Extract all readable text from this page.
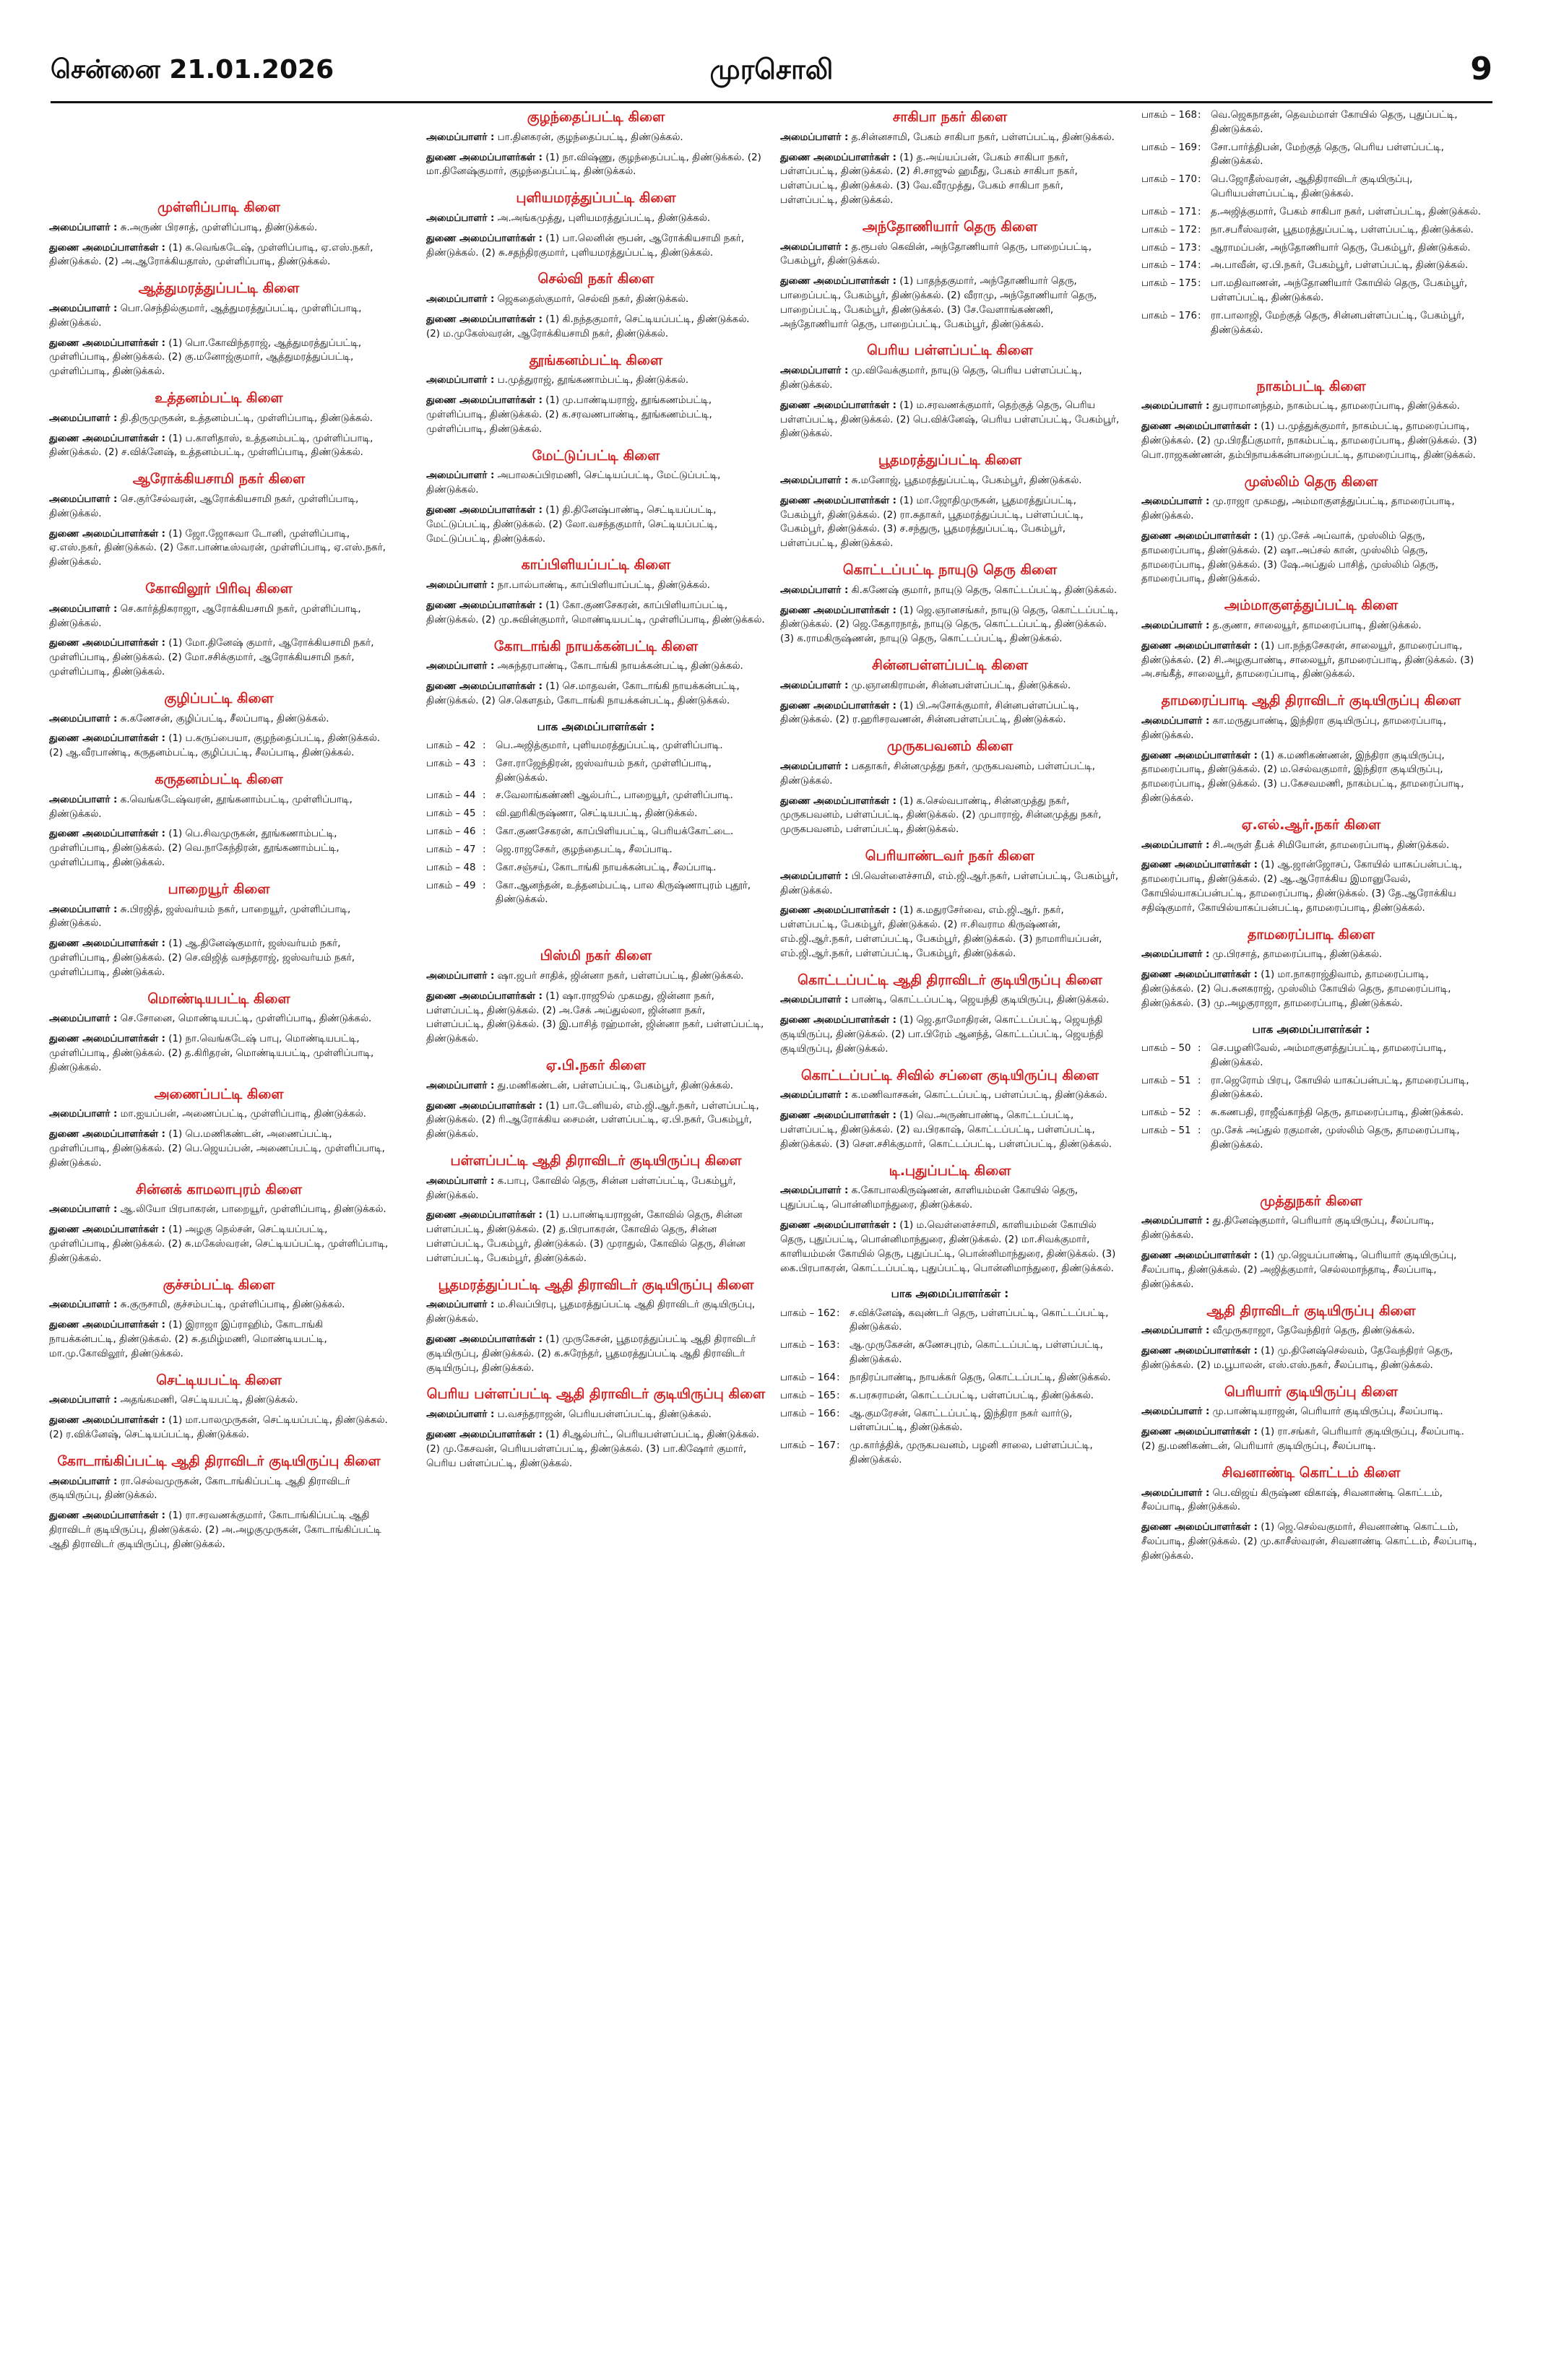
சென்னை 21.01.2026	முரசொலி	9
முள்ளிப்பாடி கிளை

அமைப்பாளர் : சு.அருண் பிரசாத், முள்ளிப்பாடி, திண்டுக்கல்.

துணை அமைப்பாளர்கள் : (1) க.வெங்கடேஷ், முள்ளிப்பாடி, ஏ.எஸ்.நகர், திண்டுக்கல். (2) அ.ஆரோக்கியதாஸ், முள்ளிப்பாடி, திண்டுக்கல்.

ஆத்துமரத்துப்பட்டி கிளை

அமைப்பாளர் : பொ.செந்தில்குமார், ஆத்துமரத்துப்பட்டி, முள்ளிப்பாடி, திண்டுக்கல்.

துணை அமைப்பாளர்கள் : (1) பொ.கோவிந்தராஜ், ஆத்துமரத்துப்பட்டி, முள்ளிப்பாடி, திண்டுக்கல். (2) கு.மனோஜ்குமார், ஆத்துமரத்துப்பட்டி, முள்ளிப்பாடி, திண்டுக்கல்.

உத்தனம்பட்டி கிளை

அமைப்பாளர் : தி.திருமுருகன், உத்தனம்பட்டி, முள்ளிப்பாடி, திண்டுக்கல்.

துணை அமைப்பாளர்கள் : (1) ப.காளிதாஸ், உத்தனம்பட்டி, முள்ளிப்பாடி, திண்டுக்கல். (2) ச.விக்னேஷ், உத்தனம்பட்டி, முள்ளிப்பாடி, திண்டுக்கல்.

ஆரோக்கியசாமி நகர் கிளை

அமைப்பாளர் : செ.குர்சேல்வரன், ஆரோக்கியசாமி நகர், முள்ளிப்பாடி, திண்டுக்கல்.

துணை அமைப்பாளர்கள் : (1) ஜோ.ஜோசுவா டோனி, முள்ளிப்பாடி, ஏ.எஸ்.நகர், திண்டுக்கல். (2) கோ.பாண்டீஸ்வரன், முள்ளிப்பாடி, ஏ.எஸ்.நகர், திண்டுக்கல்.

கோவிலூர் பிரிவு கிளை

அமைப்பாளர் : செ.கார்த்திகராஜா, ஆரோக்கியசாமி நகர், முள்ளிப்பாடி, திண்டுக்கல்.

துணை அமைப்பாளர்கள் : (1) மோ.தினேஷ் குமார், ஆரோக்கியசாமி நகர், முள்ளிப்பாடி, திண்டுக்கல். (2) மோ.சசிக்குமார், ஆரோக்கியசாமி நகர், முள்ளிப்பாடி, திண்டுக்கல்.

குழிப்பட்டி கிளை

அமைப்பாளர் : சு.கணேசன், குழிப்பட்டி, சீலப்பாடி, திண்டுக்கல்.

துணை அமைப்பாளர்கள் : (1) ப.கருப்பையா, குழந்தைப்பட்டி, திண்டுக்கல். (2) ஆ.வீரபாண்டி, கருதனம்பட்டி, குழிப்பட்டி, சீலப்பாடி, திண்டுக்கல்.

கருதனம்பட்டி கிளை

அமைப்பாளர் : க.வெங்கடேஷ்வரன், தூங்கனாம்பட்டி, முள்ளிப்பாடி, திண்டுக்கல்.

துணை அமைப்பாளர்கள் : (1) பெ.சிவமுருகன், தூங்கணாம்பட்டி, முள்ளிப்பாடி, திண்டுக்கல். (2) வெ.நாகேந்திரன், தூங்கணாம்பட்டி, முள்ளிப்பாடி, திண்டுக்கல்.

பாறையூர் கிளை

அமைப்பாளர் : சு.பிரஜித், ஜஸ்வர்யம் நகர், பாறையூர், முள்ளிப்பாடி, திண்டுக்கல்.

துணை அமைப்பாளர்கள் : (1) ஆ.தினேஷ்குமார், ஜஸ்வர்யம் நகர், முள்ளிப்பாடி, திண்டுக்கல். (2) செ.விஜித் வசந்தராஜ், ஜஸ்வர்யம் நகர், முள்ளிப்பாடி, திண்டுக்கல்.

மொண்டியபட்டி கிளை

அமைப்பாளர் : செ.சோனை, மொண்டியபட்டி, முள்ளிப்பாடி, திண்டுக்கல்.

துணை அமைப்பாளர்கள் : (1) நா.வெங்கடேஷ் பாபு, மொண்டியபட்டி, முள்ளிப்பாடி, திண்டுக்கல். (2) த.கிரிதரன், மொண்டியபட்டி, முள்ளிப்பாடி, திண்டுக்கல்.

அணைப்பட்டி கிளை

அமைப்பாளர் : மா.ஐயப்பன், அணைப்பட்டி, முள்ளிப்பாடி, திண்டுக்கல்.

துணை அமைப்பாளர்கள் : (1) பெ.மணிகண்டன், அணைப்பட்டி, முள்ளிப்பாடி, திண்டுக்கல். (2) பெ.ஜெயப்பன், அணைப்பட்டி, முள்ளிப்பாடி, திண்டுக்கல்.

சின்னக் காமலாபுரம் கிளை

அமைப்பாளர் : ஆ.லியோ பிரபாகரன், பாறையூர், முள்ளிப்பாடி, திண்டுக்கல்.

துணை அமைப்பாளர்கள் : (1) அழகு நெல்சன், செட்டியப்பட்டி, முள்ளிப்பாடி, திண்டுக்கல். (2) சு.மகேஸ்வரன், செட்டியப்பட்டி, முள்ளிப்பாடி, திண்டுக்கல்.

குச்சம்பட்டி கிளை

அமைப்பாளர் : சு.குருசாமி, குச்சம்பட்டி, முள்ளிப்பாடி, திண்டுக்கல்.

துணை அமைப்பாளர்கள் : (1) இராஜா இப்ராஹிம், கோடாங்கி நாயக்கன்பட்டி, திண்டுக்கல். (2) சு.தமிழ்மணி, மொண்டியபட்டி, மா.மு.கோவிலூர், திண்டுக்கல்.

செட்டியபட்டி கிளை

அமைப்பாளர் : அதங்கமணி, செட்டியபட்டி, திண்டுக்கல்.

துணை அமைப்பாளர்கள் : (1) மா.பாலமுருகன், செட்டியப்பட்டி, திண்டுக்கல். (2) ர.விக்னேஷ், செட்டியப்பட்டி, திண்டுக்கல்.

கோடாங்கிப்பட்டி ஆதி திராவிடர் குடியிருப்பு கிளை

அமைப்பாளர் : ரா.செல்வமுருகன், கோடாங்கிப்பட்டி ஆதி திராவிடர் குடியிருப்பு, திண்டுக்கல்.

துணை அமைப்பாளர்கள் : (1) ரா.சரவணக்குமார், கோடாங்கிப்பட்டி ஆதி திராவிடர் குடியிருப்பு, திண்டுக்கல். (2) அ.அழகுமுருகன், கோடாங்கிப்பட்டி ஆதி திராவிடர் குடியிருப்பு, திண்டுக்கல்.

குழந்தைப்பட்டி கிளை

அமைப்பாளர் : பா.தினகரன், குழந்தைப்பட்டி, திண்டுக்கல்.

துணை அமைப்பாளர்கள் : (1) நா.விஷ்ணு, குழந்தைப்பட்டி, திண்டுக்கல். (2) மா.தினேஷ்குமார், குழந்தைப்பட்டி, திண்டுக்கல்.

புளியமரத்துப்பட்டி கிளை

அமைப்பாளர் : அ.அங்கமுத்து, புளியமரத்துப்பட்டி, திண்டுக்கல்.

துணை அமைப்பாளர்கள் : (1) பா.லெனின் ரூபன், ஆரோக்கியசாமி நகர், திண்டுக்கல். (2) சு.சதந்திரகுமார், புளியமரத்துப்பட்டி, திண்டுக்கல்.

செல்வி நகர் கிளை

அமைப்பாளர் : ஜெகதைஸ்குமார், செல்வி நகர், திண்டுக்கல்.

துணை அமைப்பாளர்கள் : (1) கி.நந்தகுமார், செட்டியப்பட்டி, திண்டுக்கல். (2) ம.முகேஸ்வரன், ஆரோக்கியசாமி நகர், திண்டுக்கல்.

தூங்கனம்பட்டி கிளை

அமைப்பாளர் : ப.முத்துராஜ், தூங்கணாம்பட்டி, திண்டுக்கல்.

துணை அமைப்பாளர்கள் : (1) மு.பாண்டியராஜ், தூங்கணம்பட்டி, முள்ளிப்பாடி, திண்டுக்கல். (2) க.சரவணபாண்டி, தூங்கணம்பட்டி, முள்ளிப்பாடி, திண்டுக்கல்.

மேட்டுப்பட்டி கிளை

அமைப்பாளர் : அபாலசுப்பிரமணி, செட்டியப்பட்டி, மேட்டுப்பட்டி, திண்டுக்கல்.

துணை அமைப்பாளர்கள் : (1) தி.தினேஷ்பாண்டி, செட்டியப்பட்டி, மேட்டுப்பட்டி, திண்டுக்கல். (2) லோ.வசந்தகுமார், செட்டியப்பட்டி, மேட்டுப்பட்டி, திண்டுக்கல்.

காப்பிளியப்பட்டி கிளை

அமைப்பாளர் : நா.பால்பாண்டி, காப்பிளியாப்பட்டி, திண்டுக்கல்.

துணை அமைப்பாளர்கள் : (1) கோ.குணசேகரன், காப்பிளியாப்பட்டி, திண்டுக்கல். (2) மு.சுவின்குமார், மொண்டியபட்டி, முள்ளிப்பாடி, திண்டுக்கல்.

கோடாங்கி நாயக்கன்பட்டி கிளை

அமைப்பாளர் : அசுந்தரபாண்டி, கோடாங்கி நாயக்கன்பட்டி, திண்டுக்கல்.

துணை அமைப்பாளர்கள் : (1) செ.மாதவன், கோடாங்கி நாயக்கன்பட்டி, திண்டுக்கல். (2) செ.கௌதம், கோடாங்கி நாயக்கன்பட்டி, திண்டுக்கல்.

பாக அமைப்பாளர்கள் :
பாகம் – 42 :	பெ.அஜித்குமார், புளியமரத்துப்பட்டி, முள்ளிப்பாடி.
பாகம் – 43 :	சோ.ராஜேந்திரன், ஜஸ்வர்யம் நகர், முள்ளிப்பாடி, திண்டுக்கல்.
பாகம் – 44 :	ச.வேலாங்கண்ணி ஆல்பர்ட், பாறையூர், முள்ளிப்பாடி.
பாகம் – 45 :	வி.ஹரிகிருஷ்ணா, செட்டியபட்டி, திண்டுக்கல்.
பாகம் – 46 :	கோ.குணசேகரன், காப்பிளியபட்டி, பெரியக்கோட்டை.
பாகம் – 47 :	ஜெ.ராஜசேகர், குழந்தைபட்டி, சீலப்பாடி.
பாகம் – 48 :	கோ.சஞ்சய், கோடாங்கி நாயக்கன்பட்டி, சீலப்பாடி.
பாகம் – 49 :	கோ.ஆனந்தன், உத்தனம்பட்டி, பால கிருஷ்ணாபுரம் புதூர், திண்டுக்கல்.
பிஸ்மி நகர் கிளை

அமைப்பாளர் : ஷா.ஜபர் சாதிக், ஜின்னா நகர், பள்ளப்பட்டி, திண்டுக்கல்.

துணை அமைப்பாளர்கள் : (1) ஷா.ராஜூல் முகமது, ஜின்னா நகர், பள்ளப்பட்டி, திண்டுக்கல். (2) அ.சேக் அப்துல்லா, ஜின்னா நகர், பள்ளப்பட்டி, திண்டுக்கல். (3) இ.பாசித் ரஹ்மான், ஜின்னா நகர், பள்ளப்பட்டி, திண்டுக்கல்.

ஏ.பி.நகர் கிளை

அமைப்பாளர் : து.மணிகண்டன், பள்ளப்பட்டி, பேகம்பூர், திண்டுக்கல்.

துணை அமைப்பாளர்கள் : (1) பா.டேனியல், எம்.ஜி.ஆர்.நகர், பள்ளப்பட்டி, திண்டுக்கல். (2) ரி.ஆரோக்கிய சைமன், பள்ளப்பட்டி, ஏ.பி.நகர், பேகம்பூர், திண்டுக்கல்.

பள்ளப்பட்டி ஆதி திராவிடர் குடியிருப்பு கிளை

அமைப்பாளர் : க.பாபு, கோவில் தெரு, சின்ன பள்ளப்பட்டி, பேகம்பூர், திண்டுக்கல்.

துணை அமைப்பாளர்கள் : (1) ப.பாண்டியராஜன், கோவில் தெரு, சின்ன பள்ளப்பட்டி, திண்டுக்கல். (2) த.பிரபாகரன், கோவில் தெரு, சின்ன பள்ளப்பட்டி, பேகம்பூர், திண்டுக்கல். (3) முராதுல், கோவில் தெரு, சின்ன பள்ளப்பட்டி, பேகம்பூர், திண்டுக்கல்.

பூதமரத்துப்பட்டி ஆதி திராவிடர் குடியிருப்பு கிளை

அமைப்பாளர் : ம.சிவப்பிரபு, பூதமரத்துப்பட்டி ஆதி திராவிடர் குடியிருப்பு, திண்டுக்கல்.

துணை அமைப்பாளர்கள் : (1) முருகேசன், பூதமரத்துப்பட்டி ஆதி திராவிடர் குடியிருப்பு, திண்டுக்கல். (2) க.சுரேந்தர், பூதமரத்துப்பட்டி ஆதி திராவிடர் குடியிருப்பு, திண்டுக்கல்.

பெரிய பள்ளப்பட்டி ஆதி திராவிடர் குடியிருப்பு கிளை

அமைப்பாளர் : ப.வசந்தராஜன், பெரியபள்ளப்பட்டி, திண்டுக்கல்.

துணை அமைப்பாளர்கள் : (1) சிஆல்பர்ட், பெரியபள்ளப்பட்டி, திண்டுக்கல். (2) மு.கேசவன், பெரியபள்ளப்பட்டி, திண்டுக்கல். (3) பா.கிஷோர் குமார், பெரிய பள்ளப்பட்டி, திண்டுக்கல்.

சாகிபா நகர் கிளை

அமைப்பாளர் : த.சின்னசாமி, பேகம் சாகிபா நகர், பள்ளப்பட்டி, திண்டுக்கல்.

துணை அமைப்பாளர்கள் : (1) த.அய்யப்பன், பேகம் சாகிபா நகர், பள்ளப்பட்டி, திண்டுக்கல். (2) சி.சாஜுல் ஹமீது, பேகம் சாகிபா நகர், பள்ளப்பட்டி, திண்டுக்கல். (3) வே.வீரமுத்து, பேகம் சாகிபா நகர், பள்ளப்பட்டி, திண்டுக்கல்.

அந்தோணியார் தெரு கிளை

அமைப்பாளர் : த.ரூபஸ் கெவின், அந்தோணியார் தெரு, பாறைப்பட்டி, பேகம்பூர், திண்டுக்கல்.

துணை அமைப்பாளர்கள் : (1) பாதந்தகுமார், அந்தோணியார் தெரு, பாறைப்பட்டி, பேகம்பூர், திண்டுக்கல். (2) வீராமு, அந்தோணியார் தெரு, பாறைப்பட்டி, பேகம்பூர், திண்டுக்கல். (3) சே.வேளாங்கண்ணி, அந்தோணியார் தெரு, பாறைப்பட்டி, பேகம்பூர், திண்டுக்கல்.

பெரிய பள்ளப்பட்டி கிளை

அமைப்பாளர் : மு.விவேக்குமார், நாயுடு தெரு, பெரிய பள்ளப்பட்டி, திண்டுக்கல்.

துணை அமைப்பாளர்கள் : (1) ம.சரவணக்குமார், தெற்குத் தெரு, பெரிய பள்ளப்பட்டி, திண்டுக்கல். (2) பெ.விக்னேஷ், பெரிய பள்ளப்பட்டி, பேகம்பூர், திண்டுக்கல்.

பூதமரத்துப்பட்டி கிளை

அமைப்பாளர் : சு.மனோஜ், பூதமரத்துப்பட்டி, பேகம்பூர், திண்டுக்கல்.

துணை அமைப்பாளர்கள் : (1) மா.ஜோதிமுருகன், பூதமரத்துப்பட்டி, பேகம்பூர், திண்டுக்கல். (2) ரா.சுதாகர், பூதமரத்துப்பட்டி, பள்ளப்பட்டி, பேகம்பூர், திண்டுக்கல். (3) ச.சந்துரு, பூதமரத்துப்பட்டி, பேகம்பூர், பள்ளப்பட்டி, திண்டுக்கல்.

கொட்டப்பட்டி நாயுடு தெரு கிளை

அமைப்பாளர் : கி.கணேஷ் குமார், நாயுடு தெரு, கொட்டப்பட்டி, திண்டுக்கல்.

துணை அமைப்பாளர்கள் : (1) ஜெ.ஞானசங்கர், நாயுடு தெரு, கொட்டப்பட்டி, திண்டுக்கல். (2) ஜெ.கேதாரநாத், நாயுடு தெரு, கொட்டப்பட்டி, திண்டுக்கல். (3) க.ராமகிருஷ்ணன், நாயுடு தெரு, கொட்டப்பட்டி, திண்டுக்கல்.

சின்னபள்ளப்பட்டி கிளை

அமைப்பாளர் : மு.ஞானகிராமன், சின்னபள்ளப்பட்டி, திண்டுக்கல்.

துணை அமைப்பாளர்கள் : (1) பி.அசோக்குமார், சின்னபள்ளப்பட்டி, திண்டுக்கல். (2) ர.ஹரிசரவணன், சின்னபள்ளப்பட்டி, திண்டுக்கல்.

முருகபவனம் கிளை

அமைப்பாளர் : பகதாகர், சின்னமுத்து நகர், முருகபவனம், பள்ளப்பட்டி, திண்டுக்கல்.

துணை அமைப்பாளர்கள் : (1) க.செல்வபாண்டி, சின்னமுத்து நகர், முருகபவனம், பள்ளப்பட்டி, திண்டுக்கல். (2) முபாராஜ், சின்னமுத்து நகர், முருகபவனம், பள்ளப்பட்டி, திண்டுக்கல்.

பெரியாண்டவர் நகர் கிளை

அமைப்பாளர் : பி.வெள்ளைச்சாமி, எம்.ஜி.ஆர்.நகர், பள்ளப்பட்டி, பேகம்பூர், திண்டுக்கல்.

துணை அமைப்பாளர்கள் : (1) க.மதுரசேர்வை, எம்.ஜி.ஆர். நகர், பள்ளப்பட்டி, பேகம்பூர், திண்டுக்கல். (2) ஈ.சிவராம கிருஷ்ணன், எம்.ஜி.ஆர்.நகர், பள்ளப்பட்டி, பேகம்பூர், திண்டுக்கல். (3) நாமாரியப்பன், எம்.ஜி.ஆர்.நகர், பள்ளப்பட்டி, பேகம்பூர், திண்டுக்கல்.

கொட்டப்பட்டி ஆதி திராவிடர் குடியிருப்பு கிளை

அமைப்பாளர் : பாண்டி, கொட்டப்பட்டி, ஜெயந்தி குடியிருப்பு, திண்டுக்கல்.

துணை அமைப்பாளர்கள் : (1) ஜெ.தாமோதிரன், கொட்டப்பட்டி, ஜெயந்தி குடியிருப்பு, திண்டுக்கல். (2) பா.பிரேம் ஆனந்த், கொட்டப்பட்டி, ஜெயந்தி குடியிருப்பு, திண்டுக்கல்.

கொட்டப்பட்டி சிவில் சப்ளை குடியிருப்பு கிளை

அமைப்பாளர் : க.மணிவாசகன், கொட்டப்பட்டி, பள்ளப்பட்டி, திண்டுக்கல்.

துணை அமைப்பாளர்கள் : (1) வெ.அருண்பாண்டி, கொட்டப்பட்டி, பள்ளப்பட்டி, திண்டுக்கல். (2) வ.பிரகாஷ், கொட்டப்பட்டி, பள்ளப்பட்டி, திண்டுக்கல். (3) சௌ.சசிக்குமார், கொட்டப்பட்டி, பள்ளப்பட்டி, திண்டுக்கல்.

டி.புதுப்பட்டி கிளை

அமைப்பாளர் : க.கோபாலகிருஷ்ணன், காளியம்மன் கோயில் தெரு, புதுப்பட்டி, பொன்னிமாந்துரை, திண்டுக்கல்.

துணை அமைப்பாளர்கள் : (1) ம.வெள்ளைச்சாமி, காளியம்மன் கோயில் தெரு, புதுப்பட்டி, பொன்னிமாந்துரை, திண்டுக்கல். (2) மா.சிவக்குமார், காளியம்மன் கோயில் தெரு, புதுப்பட்டி, பொன்னிமாந்துரை, திண்டுக்கல். (3) கை.பிரபாகரன், கொட்டப்பட்டி, புதுப்பட்டி, பொன்னிமாந்துரை, திண்டுக்கல்.

பாக அமைப்பாளர்கள் :
பாகம் – 162 :	ச.விக்னேஷ், கவுண்டர் தெரு, பள்ளப்பட்டி, கொட்டப்பட்டி, திண்டுக்கல்.
பாகம் – 163 :	ஆ.முருகேசன், சுணேசபுரம், கொட்டப்பட்டி, பள்ளப்பட்டி, திண்டுக்கல்.
பாகம் – 164 :	நாதிரப்பாண்டி, நாயக்கர் தெரு, கொட்டப்பட்டி, திண்டுக்கல்.
பாகம் – 165 :	க.பரசுராமன், கொட்டப்பட்டி, பள்ளப்பட்டி, திண்டுக்கல்.
பாகம் – 166 :	ஆ.குமரேசன், கொட்டப்பட்டி, இந்திரா நகர் வார்டு, பள்ளப்பட்டி, திண்டுக்கல்.
பாகம் – 167 :	மு.கார்த்திக், முருகபவனம், பழனி சாலை, பள்ளப்பட்டி, திண்டுக்கல்.
பாகம் – 168 :	வெ.ஜெகநாதன், தெவம்மாள் கோயில் தெரு, புதுப்பட்டி, திண்டுக்கல்.
பாகம் – 169 :	சோ.பார்த்திபன், மேற்குத் தெரு, பெரிய பள்ளப்பட்டி, திண்டுக்கல்.
பாகம் – 170 :	பெ.ஜோதீஸ்வரன், ஆதிதிராவிடர் குடியிருப்பு, பெரியபள்ளப்பட்டி, திண்டுக்கல்.
பாகம் – 171 :	த.அஜித்குமார், பேகம் சாகிபா நகர், பள்ளப்பட்டி, திண்டுக்கல்.
பாகம் – 172 :	நா.சபரீஸ்வரன், பூதமரத்துப்பட்டி, பள்ளப்பட்டி, திண்டுக்கல்.
பாகம் – 173 :	ஆராமப்பன், அந்தோணியார் தெரு, பேகம்பூர், திண்டுக்கல்.
பாகம் – 174 :	அ.பாவீன், ஏ.பி.நகர், பேகம்பூர், பள்ளப்பட்டி, திண்டுக்கல்.
பாகம் – 175 :	பா.மதிவாணன், அந்தோணியார் கோயில் தெரு, பேகம்பூர், பள்ளப்பட்டி, திண்டுக்கல்.
பாகம் – 176 :	ரா.பாலாஜி, மேற்குத் தெரு, சின்னபள்ளப்பட்டி, பேகம்பூர், திண்டுக்கல்.
நாகம்பட்டி கிளை

அமைப்பாளர் : துபராமானந்தம், நாகம்பட்டி, தாமரைப்பாடி, திண்டுக்கல்.

துணை அமைப்பாளர்கள் : (1) ப.முத்துக்குமார், நாகம்பட்டி, தாமரைப்பாடி, திண்டுக்கல். (2) மு.பிரதீப்குமார், நாகம்பட்டி, தாமரைப்பாடி, திண்டுக்கல். (3) பொ.ராஜகண்ணன், தம்பிநாயக்கன்பாறைப்பட்டி, தாமரைப்பாடி, திண்டுக்கல்.

முஸ்லிம் தெரு கிளை

அமைப்பாளர் : மு.ராஜா முகமது, அம்மாகுளத்துப்பட்டி, தாமரைப்பாடி, திண்டுக்கல்.

துணை அமைப்பாளர்கள் : (1) மு.சேக் அப்வாக், முஸ்லிம் தெரு, தாமரைப்பாடி, திண்டுக்கல். (2) ஷா.அப்சல் கான், முஸ்லிம் தெரு, தாமரைப்பாடி, திண்டுக்கல். (3) ஷே.அப்துல் பாசித், முஸ்லிம் தெரு, தாமரைப்பாடி, திண்டுக்கல்.

அம்மாகுளத்துப்பட்டி கிளை

அமைப்பாளர் : த.குணா, சாலையூர், தாமரைப்பாடி, திண்டுக்கல்.

துணை அமைப்பாளர்கள் : (1) பா.நந்தசேகரன், சாலையூர், தாமரைப்பாடி, திண்டுக்கல். (2) சி.அழகுபாண்டி, சாலையூர், தாமரைப்பாடி, திண்டுக்கல். (3) அ.சங்கீத், சாலையூர், தாமரைப்பாடி, திண்டுக்கல்.

தாமரைப்பாடி ஆதி திராவிடர் குடியிருப்பு கிளை

அமைப்பாளர் : கா.மருதுபாண்டி, இந்திரா குடியிருப்பு, தாமரைப்பாடி, திண்டுக்கல்.

துணை அமைப்பாளர்கள் : (1) க.மணிகண்ணன், இந்திரா குடியிருப்பு, தாமரைப்பாடி, திண்டுக்கல். (2) ம.செல்வகுமார், இந்திரா குடியிருப்பு, தாமரைப்பாடி, திண்டுக்கல். (3) ப.கேசவமணி, நாகம்பட்டி, தாமரைப்பாடி, திண்டுக்கல்.

ஏ.எல்.ஆர்.நகர் கிளை

அமைப்பாளர் : சி.அருள் தீபக் சிமியோன், தாமரைப்பாடி, திண்டுக்கல்.

துணை அமைப்பாளர்கள் : (1) ஆ.ஜான்ஜோசப், கோயில் யாகப்பன்பட்டி, தாமரைப்பாடி, திண்டுக்கல். (2) ஆ.ஆரோக்கிய இமானுவேல், கோயில்யாகப்பன்பட்டி, தாமரைப்பாடி, திண்டுக்கல். (3) தே.ஆரோக்கிய சதிஷ்குமார், கோயில்யாகப்பன்பட்டி, தாமரைப்பாடி, திண்டுக்கல்.

தாமரைப்பாடி கிளை

அமைப்பாளர் : மு.பிரசாத், தாமரைப்பாடி, திண்டுக்கல்.

துணை அமைப்பாளர்கள் : (1) மா.நாகராஜ்திவாம், தாமரைப்பாடி, திண்டுக்கல். (2) பெ.சுனகராஜ், முஸ்லிம் கோயில் தெரு, தாமரைப்பாடி, திண்டுக்கல். (3) மு.அழகுராஜா, தாமரைப்பாடி, திண்டுக்கல்.

பாக அமைப்பாளர்கள் :
பாகம் – 50 :	செ.பழனிவேல், அம்மாகுளத்துப்பட்டி, தாமரைப்பாடி, திண்டுக்கல்.
பாகம் – 51 :	ரா.ஜெரோம் பிரபு, கோயில் யாகப்பன்பட்டி, தாமரைப்பாடி, திண்டுக்கல்.
பாகம் – 52 :	சு.கணபதி, ராஜீவ்காந்தி தெரு, தாமரைப்பாடி, திண்டுக்கல்.
பாகம் – 51 :	மு.சேக் அப்துல் ரகுமான், முஸ்லிம் தெரு, தாமரைப்பாடி, திண்டுக்கல்.
முத்துநகர் கிளை

அமைப்பாளர் : து.தினேஷ்குமார், பெரியார் குடியிருப்பு, சீலப்பாடி, திண்டுக்கல்.

துணை அமைப்பாளர்கள் : (1) மு.ஜெயப்பாண்டி, பெரியார் குடியிருப்பு, சீலப்பாடி, திண்டுக்கல். (2) அஜித்குமார், செல்லமாந்தாடி, சீலப்பாடி, திண்டுக்கல்.

ஆதி திராவிடர் குடியிருப்பு கிளை

அமைப்பாளர் : வீமுருகராஜா, தேவேந்திரர் தெரு, திண்டுக்கல்.

துணை அமைப்பாளர்கள் : (1) மு.தினேஷ்செல்வம், தேவேந்திரர் தெரு, திண்டுக்கல். (2) ம.பூபாலன், எஸ்.எஸ்.நகர், சீலப்பாடி, திண்டுக்கல்.

பெரியார் குடியிருப்பு கிளை

அமைப்பாளர் : மு.பாண்டியராஜன், பெரியார் குடியிருப்பு, சீலப்பாடி.

துணை அமைப்பாளர்கள் : (1) ரா.சங்கர், பெரியார் குடியிருப்பு, சீலப்பாடி. (2) து.மணிகண்டன், பெரியார் குடியிருப்பு, சீலப்பாடி.

சிவனாண்டி கொட்டம் கிளை

அமைப்பாளர் : பெ.விஜய் கிருஷ்ண விகாஷ், சிவனாண்டி கொட்டம், சீலப்பாடி, திண்டுக்கல்.

துணை அமைப்பாளர்கள் : (1) ஜெ.செல்வகுமார், சிவனாண்டி கொட்டம், சீலப்பாடி, திண்டுக்கல். (2) மு.காசீஸ்வரன், சிவனாண்டி கொட்டம், சீலப்பாடி, திண்டுக்கல்.
